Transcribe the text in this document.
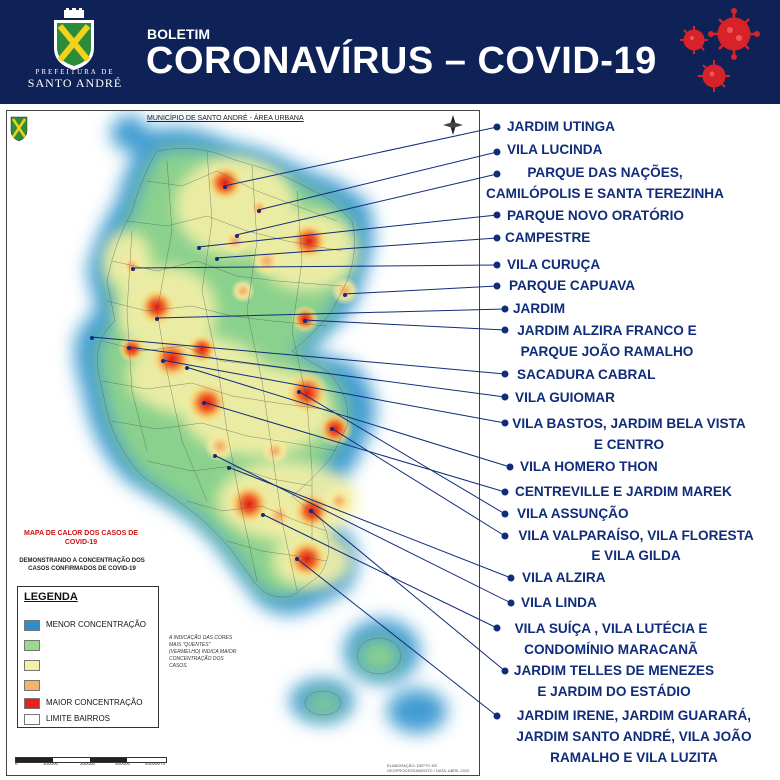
PREFEITURA DE
SANTO ANDRÉ
BOLETIM
CORONAVÍRUS – COVID-19
MUNICÍPIO DE SANTO ANDRÉ - ÁREA URBANA
MAPA DE CALOR DOS CASOS DE COVID-19
DEMONSTRANDO A CONCENTRAÇÃO DOS CASOS CONFIRMADOS DE COVID-19
LEGENDA
MENOR CONCENTRAÇÃO
MAIOR CONCENTRAÇÃO
LIMITE BAIRROS
A INDICAÇÃO DAS CORES MAIS "QUENTES" (VERMELHO) INDICA MAIOR CONCENTRAÇÃO DOS CASOS.
0	100000	200000	300000	400000 m	ELABORAÇÃO: DEPTO DE GEOPROCESSAMENTO / DATA: ABRIL 2020
JARDIM UTINGA
VILA LUCINDA
PARQUE DAS NAÇÕES,
CAMILÓPOLIS E SANTA TEREZINHA
PARQUE NOVO ORATÓRIO
CAMPESTRE
VILA CURUÇA
PARQUE CAPUAVA
JARDIM
JARDIM ALZIRA FRANCO E
PARQUE JOÃO RAMALHO
SACADURA CABRAL
VILA GUIOMAR
VILA BASTOS, JARDIM BELA VISTA
E CENTRO
VILA HOMERO THON
CENTREVILLE E JARDIM MAREK
VILA ASSUNÇÃO
VILA VALPARAÍSO, VILA FLORESTA
E VILA GILDA
VILA ALZIRA
VILA LINDA
VILA SUÍÇA , VILA LUTÉCIA E
CONDOMÍNIO MARACANÃ
JARDIM TELLES DE MENEZES
E JARDIM DO ESTÁDIO
JARDIM IRENE, JARDIM GUARARÁ,
JARDIM SANTO ANDRÉ, VILA JOÃO
RAMALHO E VILA LUZITA
